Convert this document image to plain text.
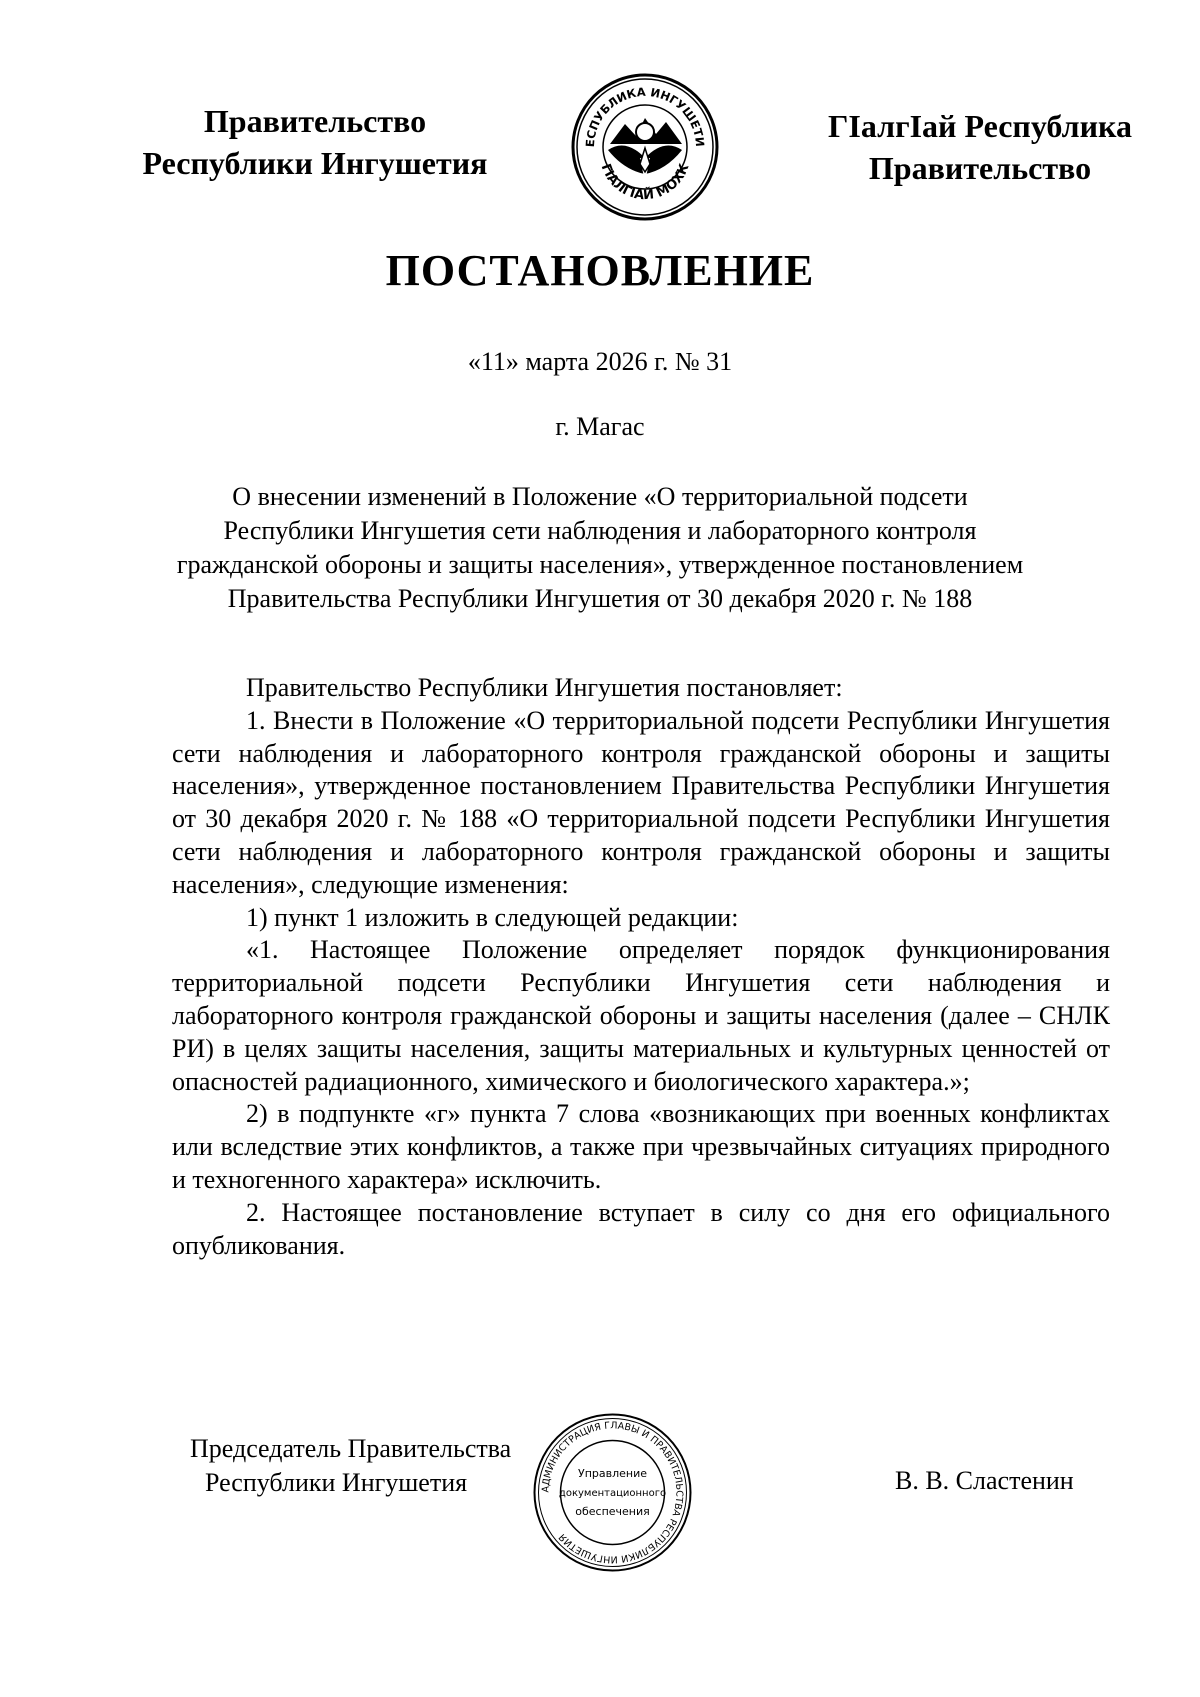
Правительство
Республики Ингушетия
ЕСПУБЛИКА ИНГУШЕТИ
ГIАЛГIАЙ МОХК
ГIалгIай Республика
Правительство
ПОСТАНОВЛЕНИЕ
«11» марта 2026 г. № 31
г. Магас
О внесении изменений в Положение «О территориальной подсети
Республики Ингушетия сети наблюдения и лабораторного контроля
гражданской обороны и защиты населения», утвержденное постановлением
Правительства Республики Ингушетия от 30 декабря 2020 г. № 188

Правительство Республики Ингушетия постановляет:

1. Внести в Положение «О территориальной подсети Республики Ингушетия сети наблюдения и лабораторного контроля гражданской обороны и защиты населения», утвержденное постановлением Правительства Республики Ингушетия от 30 декабря 2020 г. № 188 «О территориальной подсети Республики Ингушетия сети наблюдения и лабораторного контроля гражданской обороны и защиты населения», следующие изменения:

1) пункт 1 изложить в следующей редакции:

«1. Настоящее Положение определяет порядок функционирования территориальной подсети Республики Ингушетия сети наблюдения и лабораторного контроля гражданской обороны и защиты населения (далее – СНЛК РИ) в целях защиты населения, защиты материальных и культурных ценностей от опасностей радиационного, химического и биологического характера.»;

2) в подпункте «г» пункта 7 слова «возникающих при военных конфликтах или вследствие этих конфликтов, а также при чрезвычайных ситуациях природного и техногенного характера» исключить.

2. Настоящее постановление вступает в силу со дня его официального опубликования.

Председатель Правительства
Республики Ингушетия	АДМИНИСТРАЦИЯ ГЛАВЫ И ПРАВИТЕЛЬСТВА РЕСПУБЛИКИ ИНГУШЕТИЯ
Управление
документационного
обеспечения
В. В. Сластенин
